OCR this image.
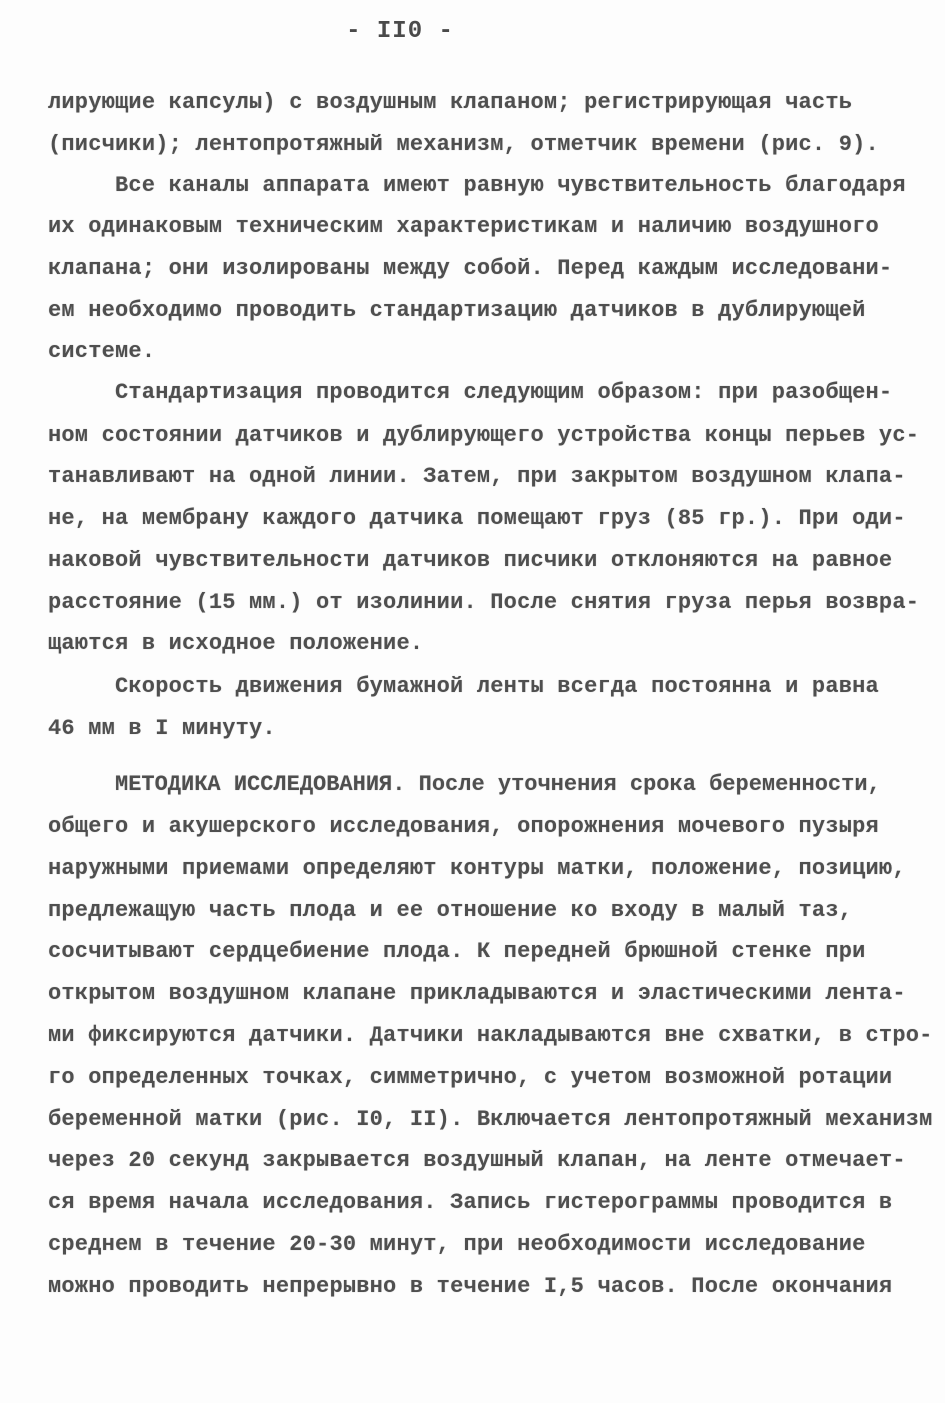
- II0 -
лирующие капсулы) с воздушным клапаном; регистрирующая часть
(писчики); лентопротяжный механизм, отметчик времени (рис. 9).
Все каналы аппарата имеют равную чувствительность благодаря
их одинаковым техническим характеристикам и наличию воздушного
клапана; они изолированы между собой. Перед каждым исследовани-
ем необходимо проводить стандартизацию датчиков в дублирующей
системе.
Стандартизация проводится следующим образом: при разобщен-
ном состоянии датчиков и дублирующего устройства концы перьев ус-
танавливают на одной линии. Затем, при закрытом воздушном клапа-
не, на мембрану каждого датчика помещают груз (85 гр.). При оди-
наковой чувствительности датчиков писчики отклоняются на равное
расстояние (15 мм.) от изолинии. После снятия груза перья возвра-
щаются в исходное положение.
Скорость движения бумажной ленты всегда постоянна и равна
46 мм в I минуту.
МЕТОДИКА ИССЛЕДОВАНИЯ. После уточнения срока беременности,
общего и акушерского исследования, опорожнения мочевого пузыря
наружными приемами определяют контуры матки, положение, позицию,
предлежащую часть плода и ее отношение ко входу в малый таз,
сосчитывают сердцебиение плода. К передней брюшной стенке при
открытом воздушном клапане прикладываются и эластическими лента-
ми фиксируются датчики. Датчики накладываются вне схватки, в стро-
го определенных точках, симметрично, с учетом возможной ротации
беременной матки (рис. I0, II). Включается лентопротяжный механизм
через 20 секунд закрывается воздушный клапан, на ленте отмечает-
ся время начала исследования. Запись гистерограммы проводится в
среднем в течение 20-30 минут, при необходимости исследование
можно проводить непрерывно в течение I,5 часов. После окончания
